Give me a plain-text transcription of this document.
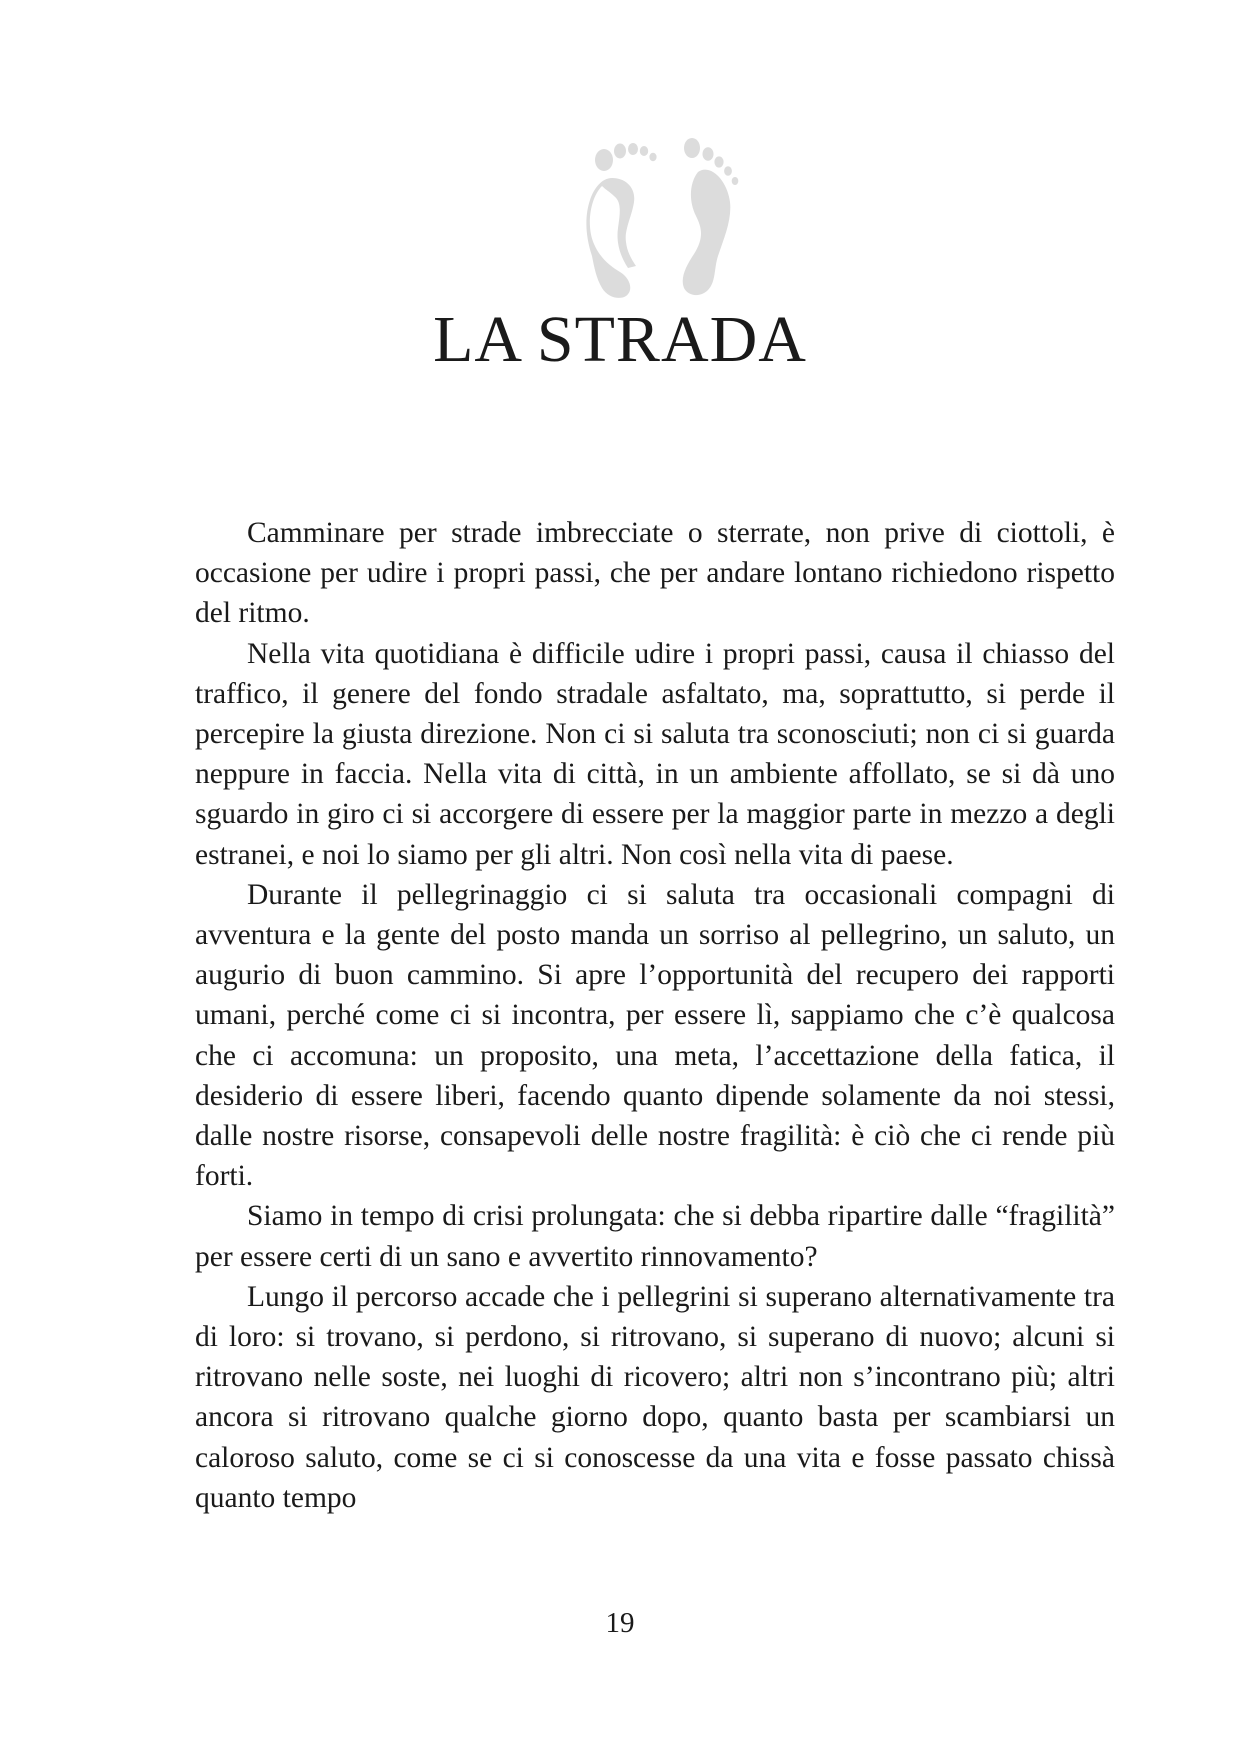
LA STRADA

Camminare per strade imbrecciate o sterrate, non prive di ciottoli, è occasione per udire i propri passi, che per andare lontano richiedono rispetto del ritmo.

Nella vita quotidiana è difficile udire i propri passi, causa il chiasso del traffico, il genere del fondo stradale asfaltato, ma, soprattutto, si perde il percepire la giusta direzione. Non ci si saluta tra sconosciuti; non ci si guarda neppure in faccia. Nella vita di città, in un ambiente affollato, se si dà uno sguardo in giro ci si accorgere di essere per la maggior parte in mezzo a degli estranei, e noi lo siamo per gli altri. Non così nella vita di paese.

Durante il pellegrinaggio ci si saluta tra occasionali compagni di avventura e la gente del posto manda un sorriso al pellegrino, un saluto, un augurio di buon cammino. Si apre l’opportunità del recupero dei rapporti umani, perché come ci si incontra, per essere lì, sappiamo che c’è qualcosa che ci accomuna: un proposito, una meta, l’accettazione della fatica, il desiderio di essere liberi, facendo quanto dipende solamente da noi stessi, dalle nostre risorse, consapevoli delle nostre fragilità: è ciò che ci rende più forti.

Siamo in tempo di crisi prolungata: che si debba ripartire dalle “fragilità” per essere certi di un sano e avvertito rinnovamento?

Lungo il percorso accade che i pellegrini si superano alternativamente tra di loro: si trovano, si perdono, si ritrovano, si superano di nuovo; alcuni si ritrovano nelle soste, nei luoghi di ricovero; altri non s’incontrano più; altri ancora si ritrovano qualche giorno dopo, quanto basta per scambiarsi un caloroso saluto, come se ci si conoscesse da una vita e fosse passato chissà quanto tempo

19
